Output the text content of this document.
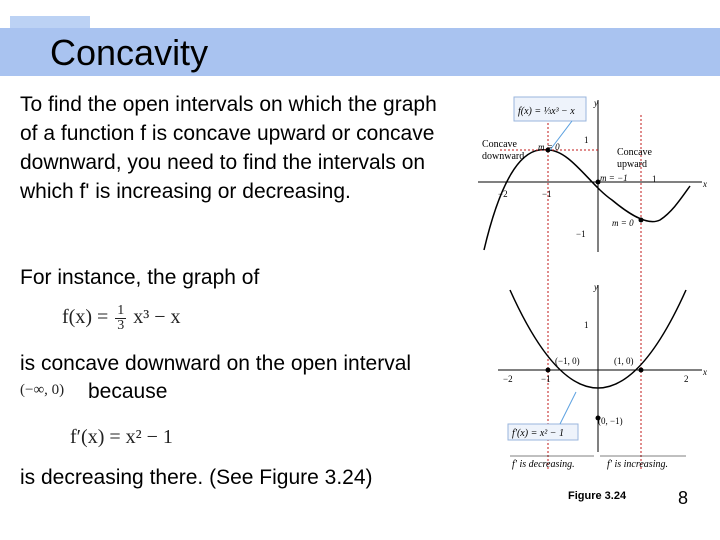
Concavity
To find the open intervals on which the graph of a function f is concave upward or concave downward, you need to find the intervals on which f' is increasing or decreasing.
For instance, the graph of
$f(x) = \frac{1}{3} x^3 - x$
is concave downward on the open interval
(−∞, 0) because
f′(x) = x² − 1
is decreasing there. (See Figure 3.24)
f(x) = ⅓x³ − x
Concave
downward	Concave
upward
m = 0
m = −1
m = 0
y
x
1
−1
−2	−1
1
y
x
1
−2	−1	2
(−1, 0)	(1, 0)
(0, −1)
f′(x) = x² − 1
f′ is decreasing.	f′ is increasing.
Figure 3.24	8
